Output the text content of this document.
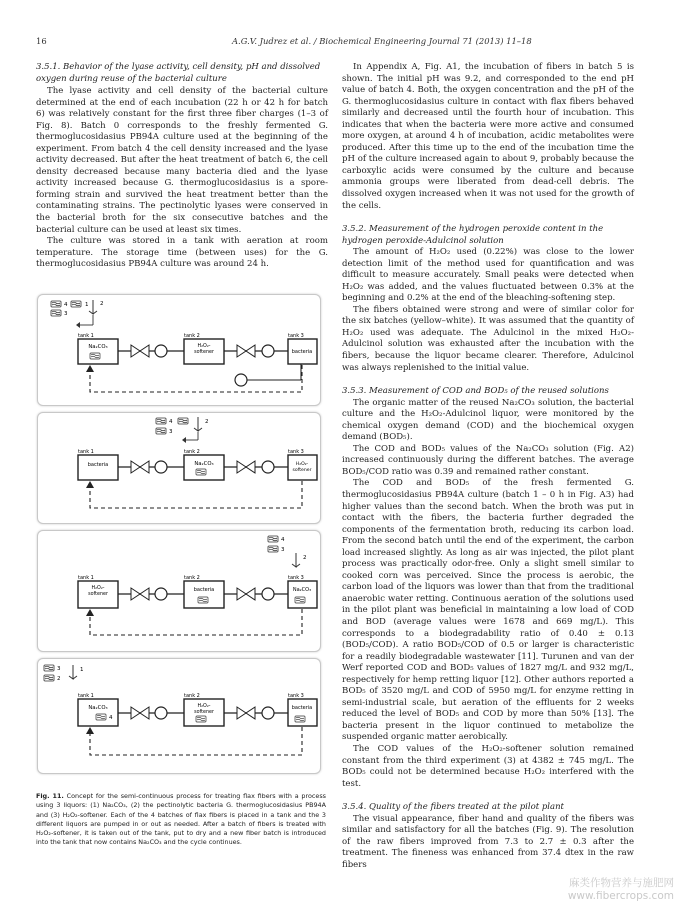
16	A.G.V. Judrez et al. / Biochemical Engineering Journal 71 (2013) 11–18

3.5.1. Behavior of the lyase activity, cell density, pH and dissolved oxygen during reuse of the bacterial culture

The lyase activity and cell density of the bacterial culture determined at the end of each incubation (22 h or 42 h for batch 6) was relatively constant for the first three fiber charges (1–3 of Fig. 8). Batch 0 corresponds to the freshly fermented G. thermoglucosidasius PB94A culture used at the beginning of the experiment. From batch 4 the cell density increased and the lyase activity decreased. But after the heat treatment of batch 6, the cell density decreased because many bacteria died and the lyase activity increased because G. thermoglucosidasius is a spore-forming strain and survived the heat treatment better than the contaminating strains. The pectinolytic lyases were conserved in the bacterial broth for the six consecutive batches and the bacterial culture can be used at least six times.

The culture was stored in a tank with aeration at room temperature. The storage time (between uses) for the G. thermoglucosidasius PB94A culture was around 24 h.

4	1
3
2
tank 1
Na₂CO₃
tank 2
H₂O₂-
softener
tank 3
bacteria
4
3
2
tank 1
bacteria
tank 2
Na₂CO₃
tank 3
H₂O₂-
softener
4
3
2
tank 1
H₂O₂-
softener
tank 2
bacteria
tank 3
Na₂CO₃
3
2
1
tank 1
Na₂CO₃
4
tank 2
H₂O₂-
softener
tank 3
bacteria

Fig. 11. Concept for the semi-continuous process for treating flax fibers with a process using 3 liquors: (1) Na₂CO₃, (2) the pectinolytic bacteria G. thermoglucosidasius PB94A and (3) H₂O₂-softener. Each of the 4 batches of flax fibers is placed in a tank and the 3 different liquors are pumped in or out as needed. After a batch of fibers is treated with H₂O₂-softener, it is taken out of the tank, put to dry and a new fiber batch is introduced into the tank that now contains Na₂CO₃ and the cycle continues.

In Appendix A, Fig. A1, the incubation of fibers in batch 5 is shown. The initial pH was 9.2, and corresponded to the end pH value of batch 4. Both, the oxygen concentration and the pH of the G. thermoglucosidasius culture in contact with flax fibers behaved similarly and decreased until the fourth hour of incubation. This indicates that when the bacteria were more active and consumed more oxygen, at around 4 h of incubation, acidic metabolites were produced. After this time up to the end of the incubation time the pH of the culture increased again to about 9, probably because the carboxylic acids were consumed by the culture and because ammonia groups were liberated from dead-cell debris. The dissolved oxygen increased when it was not used for the growth of the cells.

3.5.2. Measurement of the hydrogen peroxide content in the hydrogen peroxide-Adulcinol solution

The amount of H₂O₂ used (0.22%) was close to the lower detection limit of the method used for quantification and was difficult to measure accurately. Small peaks were detected when H₂O₂ was added, and the values fluctuated between 0.3% at the beginning and 0.2% at the end of the bleaching-softening step.

The fibers obtained were strong and were of similar color for the six batches (yellow–white). It was assumed that the quantity of H₂O₂ used was adequate. The Adulcinol in the mixed H₂O₂-Adulcinol solution was exhausted after the incubation with the fibers, because the liquor became clearer. Therefore, Adulcinol was always replenished to the initial value.

3.5.3. Measurement of COD and BOD₅ of the reused solutions

The organic matter of the reused Na₂CO₃ solution, the bacterial culture and the H₂O₂-Adulcinol liquor, were monitored by the chemical oxygen demand (COD) and the biochemical oxygen demand (BOD₅).

The COD and BOD₅ values of the Na₂CO₃ solution (Fig. A2) increased continuously during the different batches. The average BOD₅/COD ratio was 0.39 and remained rather constant.

The COD and BOD₅ of the fresh fermented G. thermoglucosidasius PB94A culture (batch 1 – 0 h in Fig. A3) had higher values than the second batch. When the broth was put in contact with the fibers, the bacteria further degraded the components of the fermentation broth, reducing its carbon load. From the second batch until the end of the experiment, the carbon load increased slightly. As long as air was injected, the pilot plant process was practically odor-free. Only a slight smell similar to cooked corn was perceived. Since the process is aerobic, the carbon load of the liquors was lower than that from the traditional anaerobic water retting. Continuous aeration of the solutions used in the pilot plant was beneficial in maintaining a low load of COD and BOD (average values were 1678 and 669 mg/L). This corresponds to a biodegradability ratio of 0.40 ± 0.13 (BOD₅/COD). A ratio BOD₅/COD of 0.5 or larger is characteristic for a readily biodegradable wastewater [11]. Turunen and van der Werf reported COD and BOD₅ values of 1827 mg/L and 932 mg/L, respectively for hemp retting liquor [12]. Other authors reported a BOD₅ of 3520 mg/L and COD of 5950 mg/L for enzyme retting in semi-industrial scale, but aeration of the effluents for 2 weeks reduced the level of BOD₅ and COD by more than 50% [13]. The bacteria present in the liquor continued to metabolize the suspended organic matter aerobically.

The COD values of the H₂O₂-softener solution remained constant from the third experiment (3) at 4382 ± 745 mg/L. The BOD₅ could not be determined because H₂O₂ interfered with the test.

3.5.4. Quality of the fibers treated at the pilot plant

The visual appearance, fiber hand and quality of the fibers was similar and satisfactory for all the batches (Fig. 9). The resolution of the raw fibers improved from 7.3 to 2.7 ± 0.3 after the treatment. The fineness was enhanced from 37.4 dtex in the raw fibers

麻类作物营养与施肥网
www.fibercrops.com
